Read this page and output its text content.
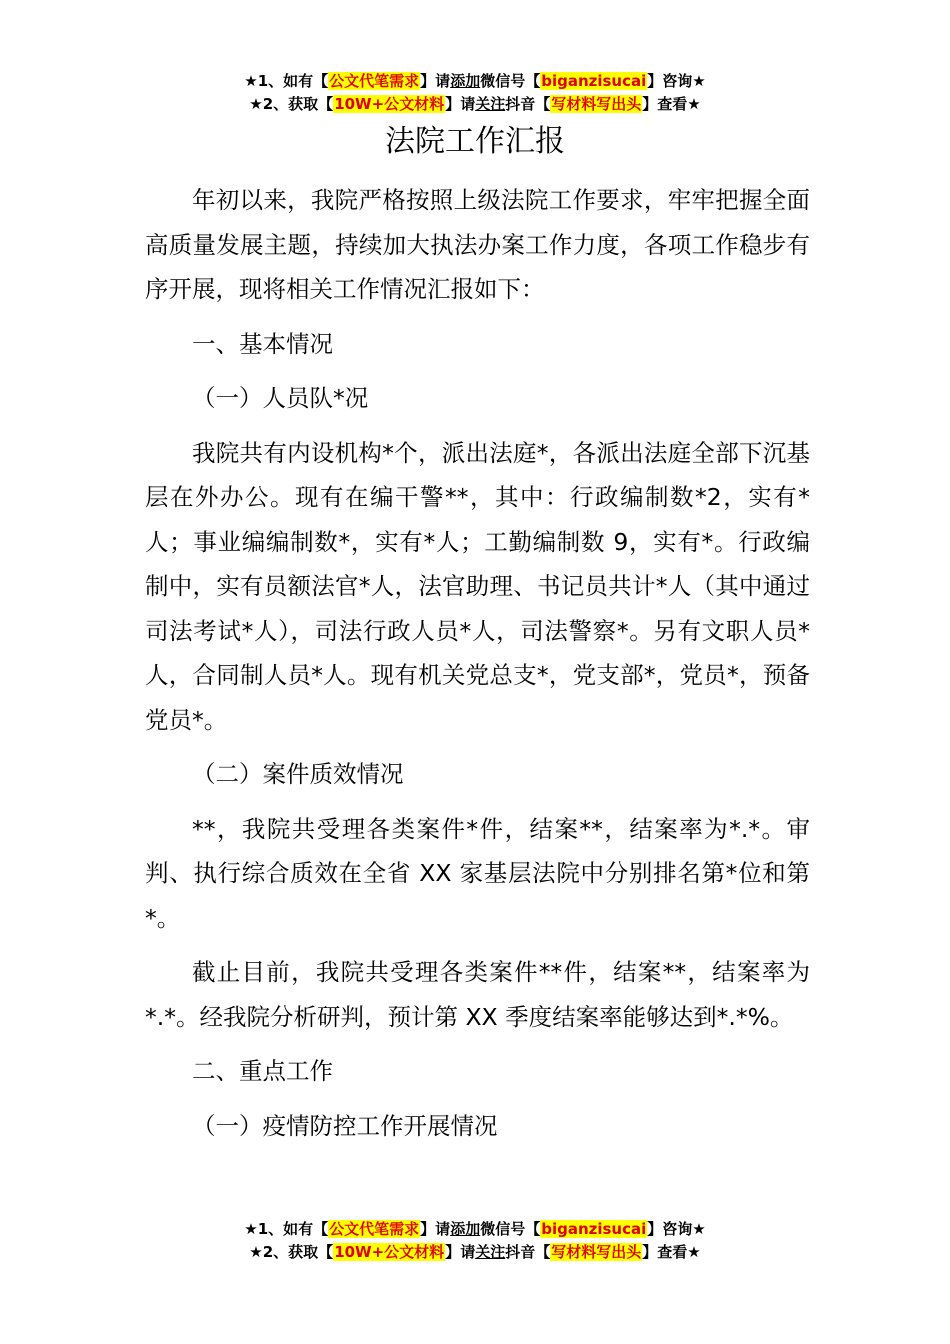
★1、如有【公文代笔需求】请添加微信号【biganzisucai】咨询★
★2、获取【10W+公文材料】请关注抖音【写材料写出头】查看★
法院工作汇报

年初以来，我院严格按照上级法院工作要求，牢牢把握全面高质量发展主题，持续加大执法办案工作力度，各项工作稳步有序开展，现将相关工作情况汇报如下：

一、基本情况

（一）人员队*况

我院共有内设机构*个，派出法庭*，各派出法庭全部下沉基层在外办公。现有在编干警**，其中：行政编制数*2，实有*人；事业编编制数*，实有*人；工勤编制数 9，实有*。行政编制中，实有员额法官*人，法官助理、书记员共计*人（其中通过司法考试*人），司法行政人员*人，司法警察*。另有文职人员*人，合同制人员*人。现有机关党总支*，党支部*，党员*，预备党员*。

（二）案件质效情况

**，我院共受理各类案件*件，结案**，结案率为*.*。审判、执行综合质效在全省 XX 家基层法院中分别排名第*位和第*。

截止目前，我院共受理各类案件**件，结案**，结案率为*.*。经我院分析研判，预计第 XX 季度结案率能够达到*.*%。

二、重点工作

（一）疫情防控工作开展情况

★1、如有【公文代笔需求】请添加微信号【biganzisucai】咨询★
★2、获取【10W+公文材料】请关注抖音【写材料写出头】查看★
